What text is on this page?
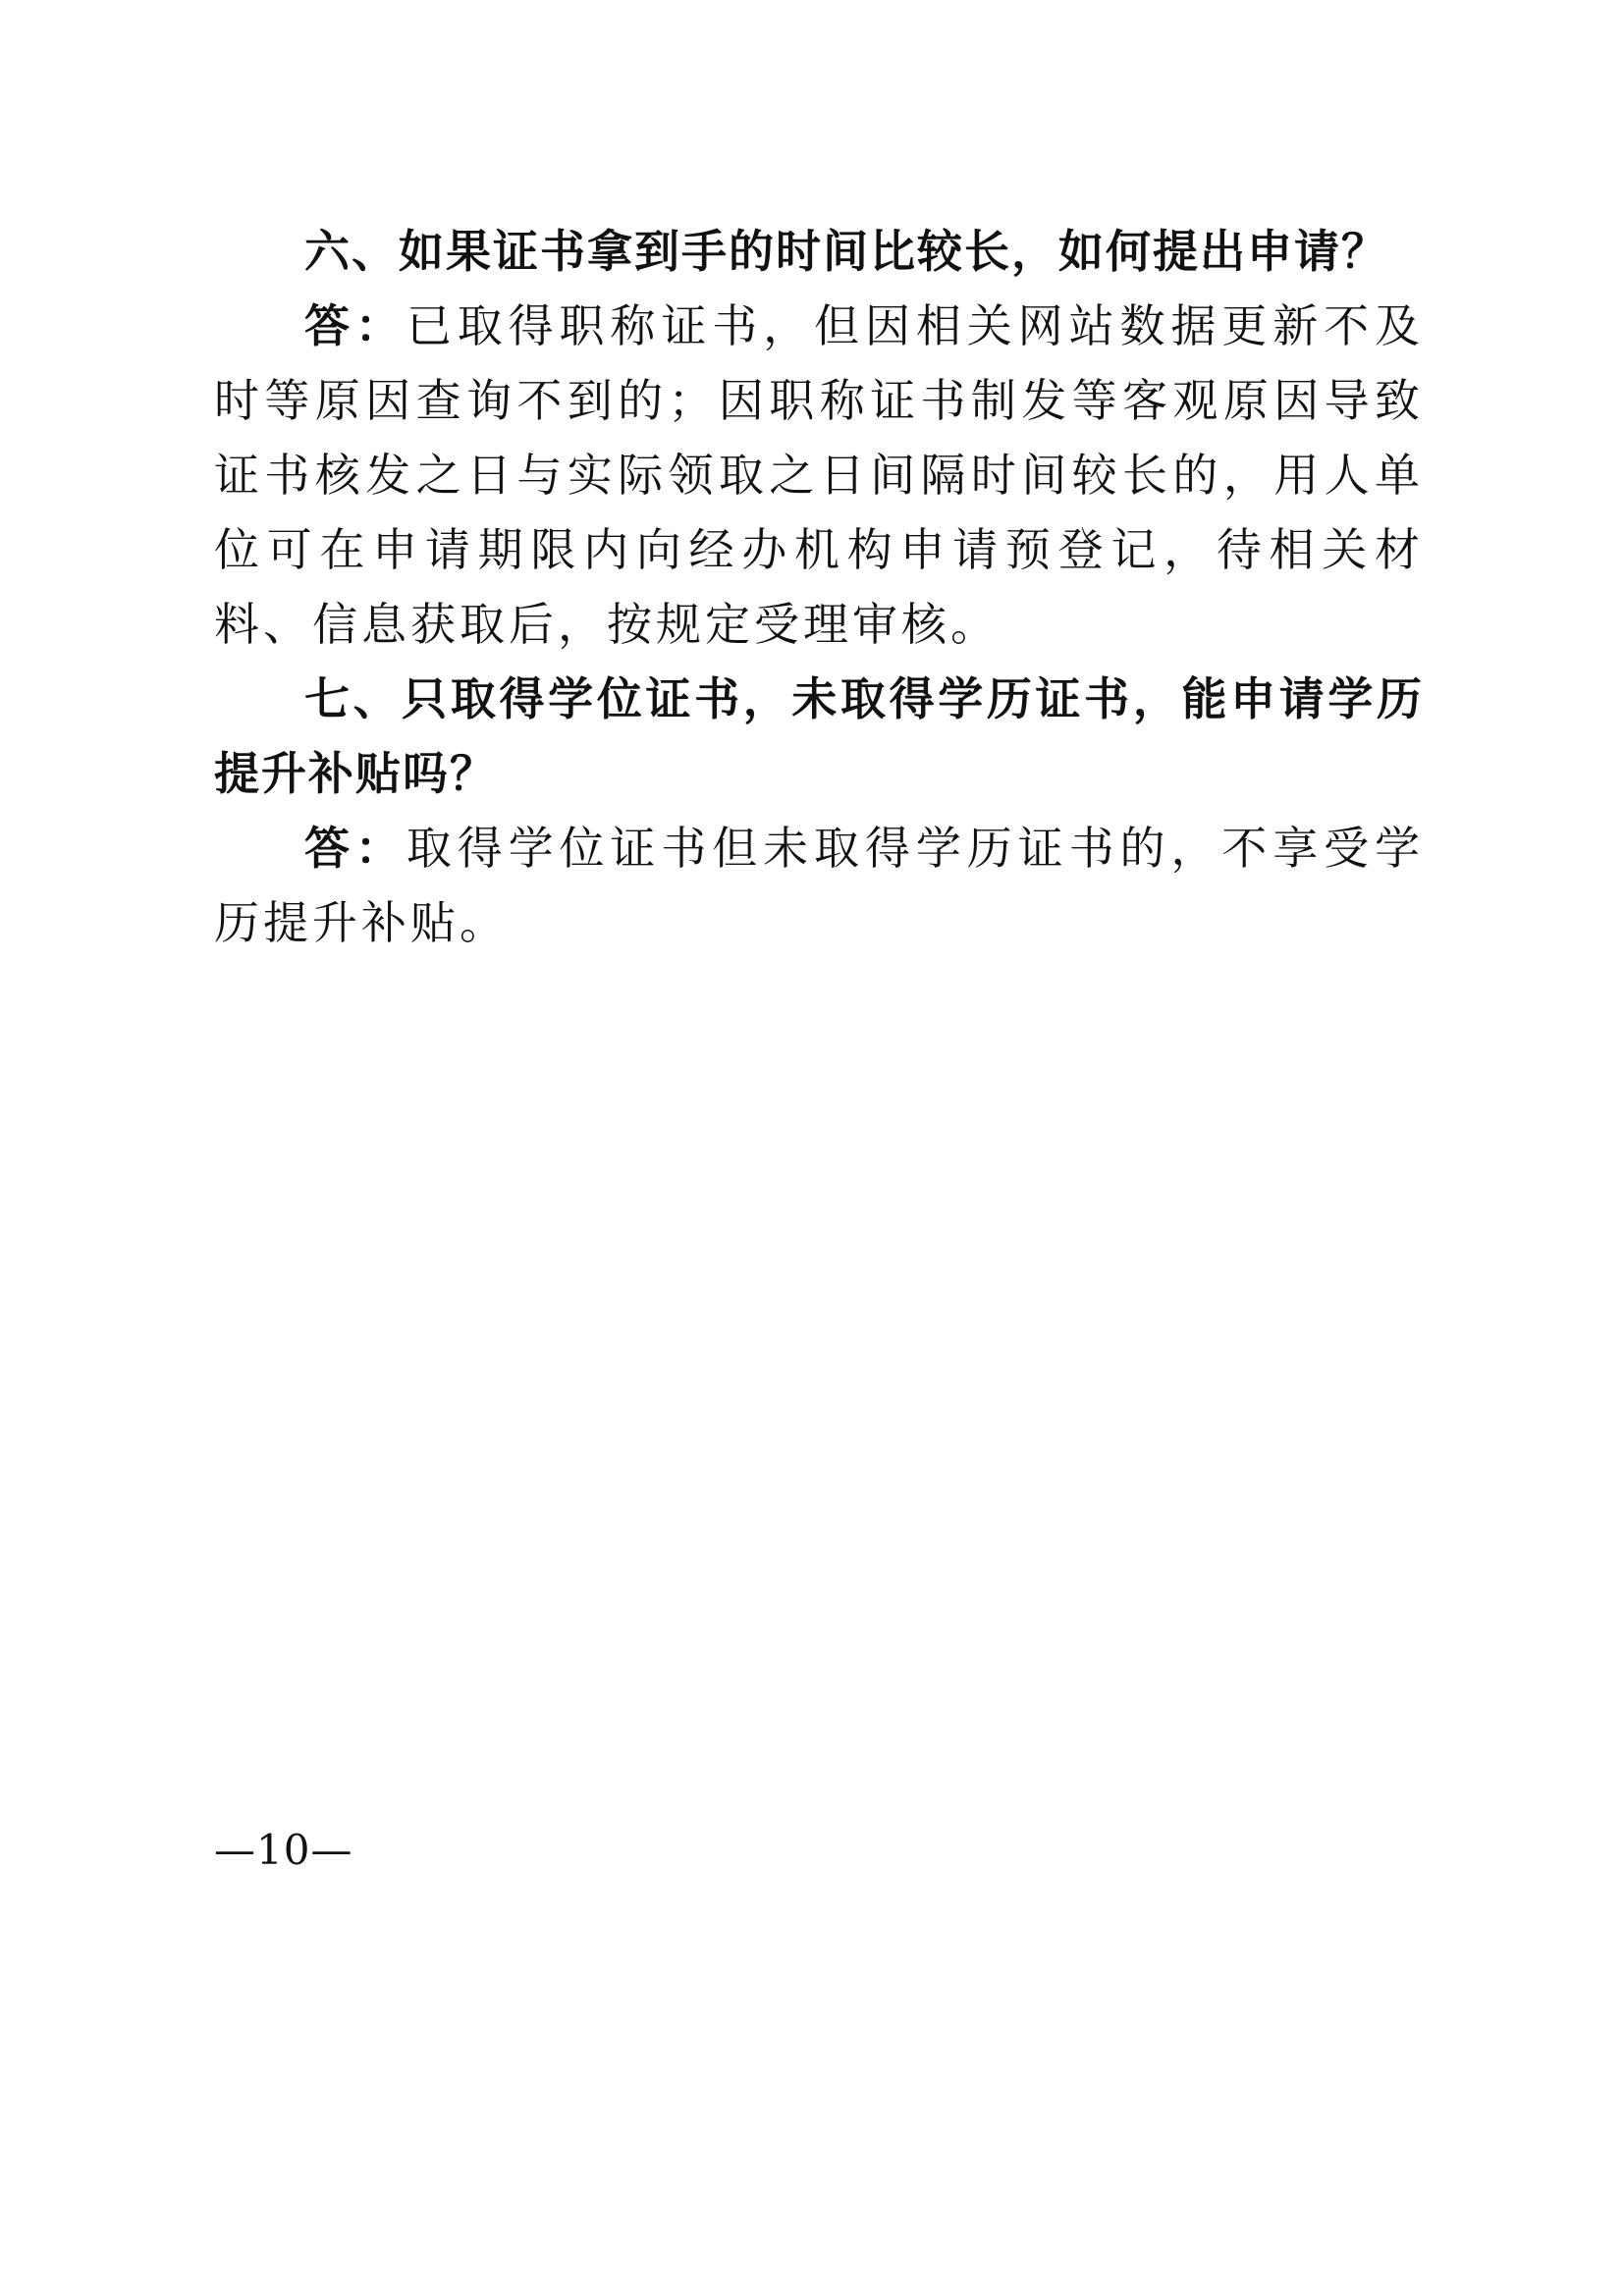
六、如果证书拿到手的时间比较长，如何提出申请？

答：已取得职称证书，但因相关网站数据更新不及时等原因查询不到的；因职称证书制发等客观原因导致证书核发之日与实际领取之日间隔时间较长的，用人单位可在申请期限内向经办机构申请预登记，待相关材料、信息获取后，按规定受理审核。

七、只取得学位证书，未取得学历证书，能申请学历提升补贴吗？

答：取得学位证书但未取得学历证书的，不享受学历提升补贴。

—10—
